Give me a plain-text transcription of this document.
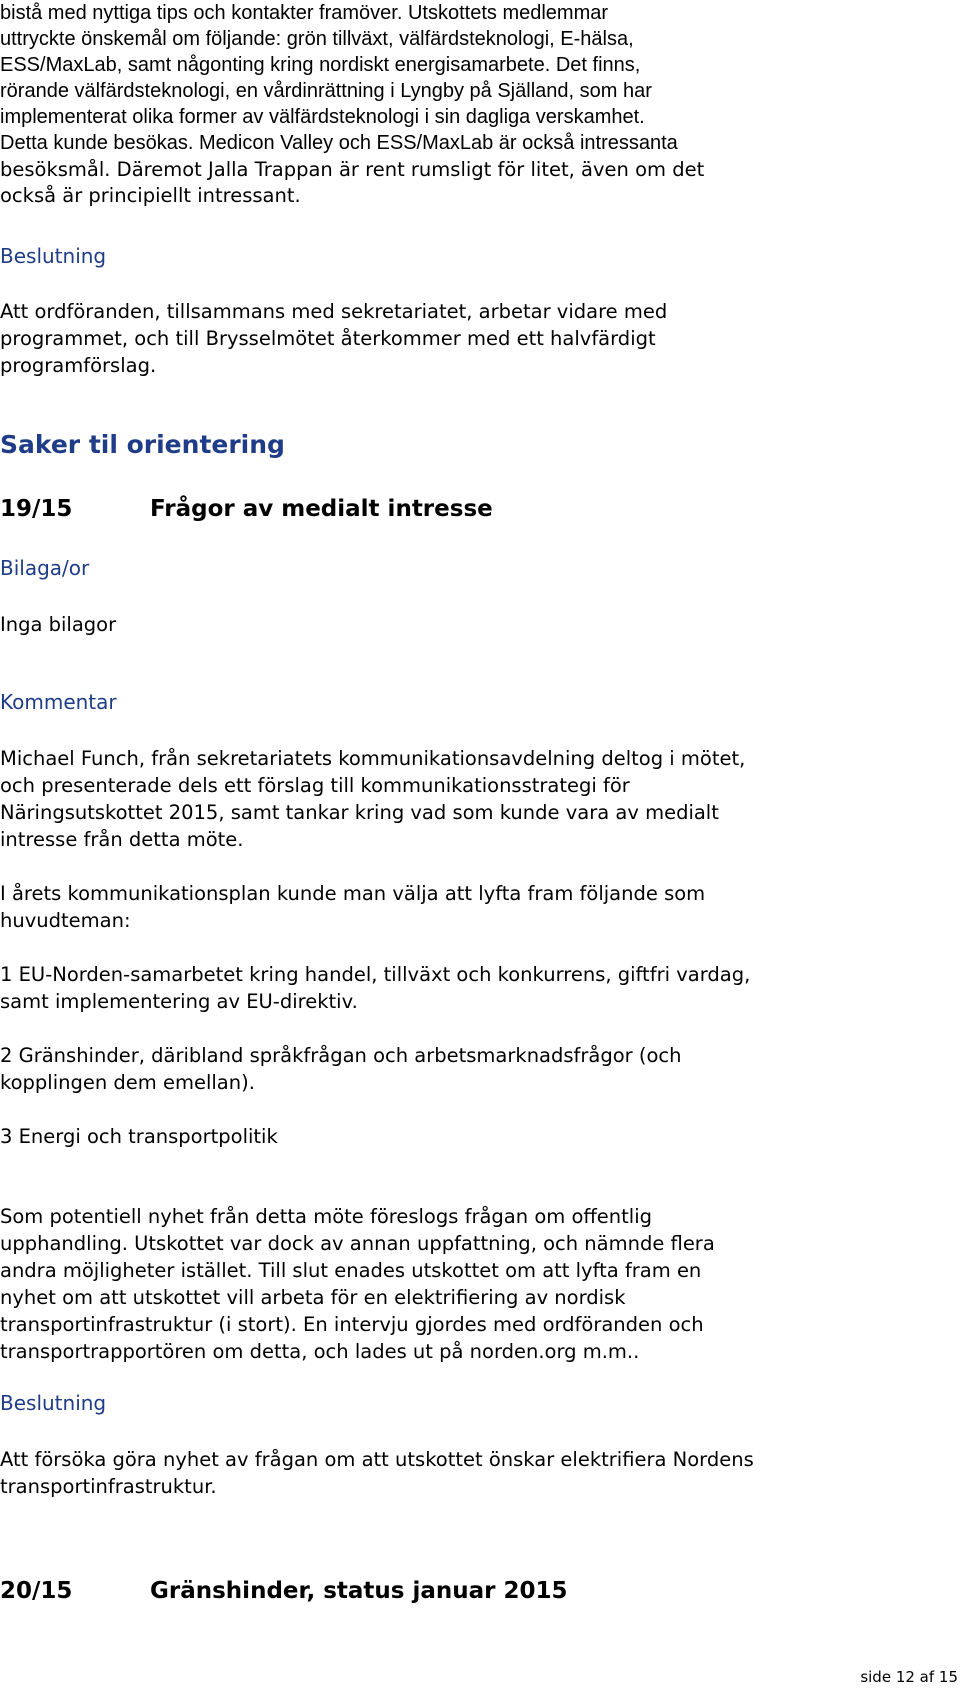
bistå med nyttiga tips och kontakter framöver. Utskottets medlemmar
uttryckte önskemål om följande: grön tillväxt, välfärdsteknologi, E-hälsa,
ESS/MaxLab, samt någonting kring nordiskt energisamarbete. Det finns,
rörande välfärdsteknologi, en vårdinrättning i Lyngby på Själland, som har
implementerat olika former av välfärdsteknologi i sin dagliga verskamhet.
Detta kunde besökas. Medicon Valley och ESS/MaxLab är också intressanta
besöksmål. Däremot Jalla Trappan är rent rumsligt för litet, även om det
också är principiellt intressant.
Beslutning
Att ordföranden, tillsammans med sekretariatet, arbetar vidare med
programmet, och till Brysselmötet återkommer med ett halvfärdigt
programförslag.
Saker til orientering
19/15	Frågor av medialt intresse
Bilaga/or
Inga bilagor
Kommentar
Michael Funch, från sekretariatets kommunikationsavdelning deltog i mötet,
och presenterade dels ett förslag till kommunikationsstrategi för
Näringsutskottet 2015, samt tankar kring vad som kunde vara av medialt
intresse från detta möte.
I årets kommunikationsplan kunde man välja att lyfta fram följande som
huvudteman:
1 EU-Norden-samarbetet kring handel, tillväxt och konkurrens, giftfri vardag,
samt implementering av EU-direktiv.
2 Gränshinder, däribland språkfrågan och arbetsmarknadsfrågor (och
kopplingen dem emellan).
3 Energi och transportpolitik
Som potentiell nyhet från detta möte föreslogs frågan om offentlig
upphandling. Utskottet var dock av annan uppfattning, och nämnde flera
andra möjligheter istället. Till slut enades utskottet om att lyfta fram en
nyhet om att utskottet vill arbeta för en elektrifiering av nordisk
transportinfrastruktur (i stort). En intervju gjordes med ordföranden och
transportrapportören om detta, och lades ut på norden.org m.m..
Beslutning
Att försöka göra nyhet av frågan om att utskottet önskar elektrifiera Nordens
transportinfrastruktur.
20/15	Gränshinder, status januar 2015
side 12 af 15
